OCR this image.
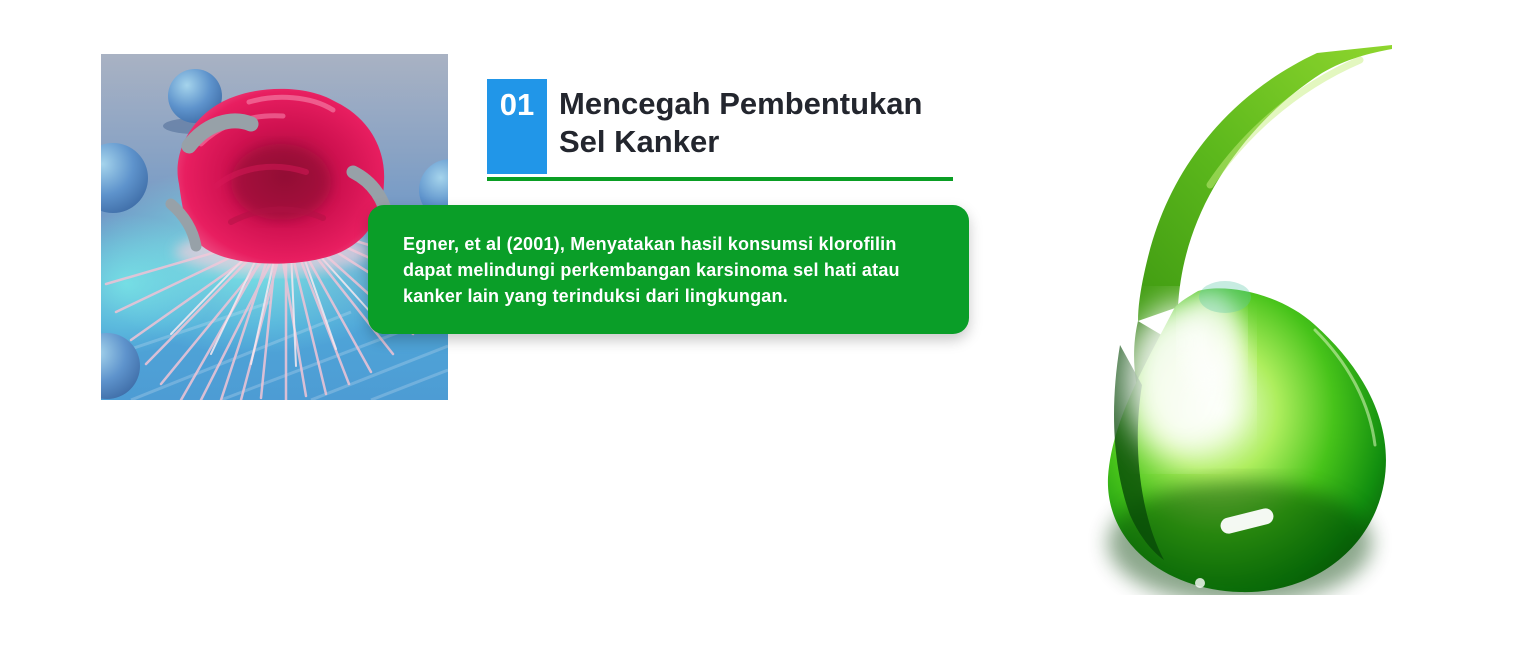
01 Mencegah Pembentukan
Sel Kanker
Egner, et al (2001), Menyatakan hasil konsumsi klorofilin
dapat melindungi perkembangan karsinoma sel hati atau
kanker lain yang terinduksi dari lingkungan.
